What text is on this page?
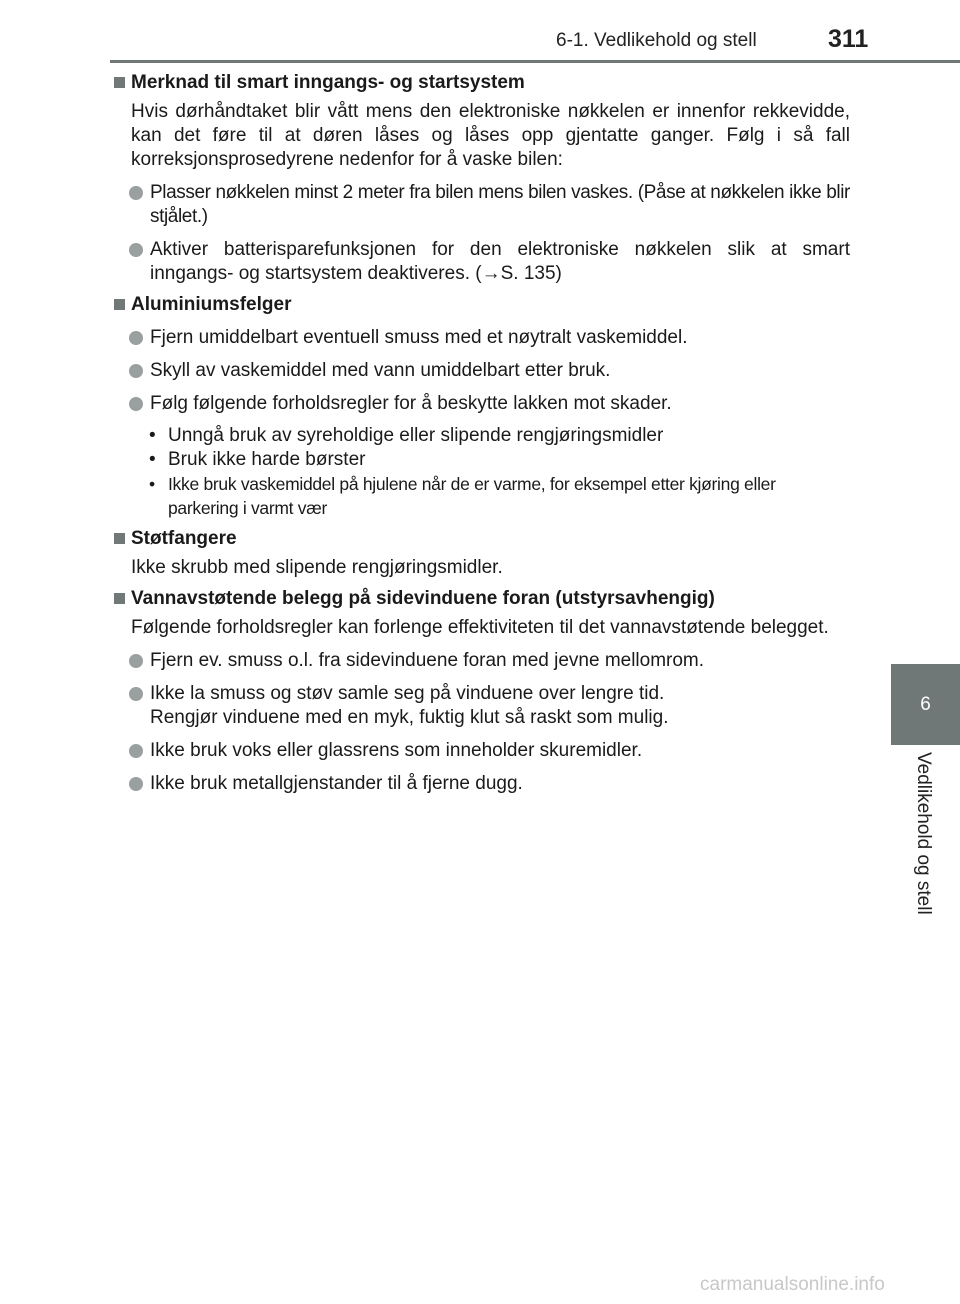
6-1. Vedlikehold og stell	311
6
Vedlikehold og stell
Merknad til smart inngangs- og startsystem
Hvis dørhåndtaket blir vått mens den elektroniske nøkkelen er innenfor rekkevidde, kan det føre til at døren låses og låses opp gjentatte ganger. Følg i så fall korreksjonsprosedyrene nedenfor for å vaske bilen:
Plasser nøkkelen minst 2 meter fra bilen mens bilen vaskes. (Påse at nøkkelen ikke blir stjålet.)
Aktiver batterisparefunksjonen for den elektroniske nøkkelen slik at smart inngangs- og startsystem deaktiveres. (→S. 135)
Aluminiumsfelger
Fjern umiddelbart eventuell smuss med et nøytralt vaskemiddel.
Skyll av vaskemiddel med vann umiddelbart etter bruk.
Følg følgende forholdsregler for å beskytte lakken mot skader.
• Unngå bruk av syreholdige eller slipende rengjøringsmidler
• Bruk ikke harde børster
• Ikke bruk vaskemiddel på hjulene når de er varme, for eksempel etter kjøring eller parkering i varmt vær
Støtfangere
Ikke skrubb med slipende rengjøringsmidler.
Vannavstøtende belegg på sidevinduene foran (utstyrsavhengig)
Følgende forholdsregler kan forlenge effektiviteten til det vannavstøtende belegget.
Fjern ev. smuss o.l. fra sidevinduene foran med jevne mellomrom.
Ikke la smuss og støv samle seg på vinduene over lengre tid.
Rengjør vinduene med en myk, fuktig klut så raskt som mulig.
Ikke bruk voks eller glassrens som inneholder skuremidler.
Ikke bruk metallgjenstander til å fjerne dugg.
carmanualsonline.info
